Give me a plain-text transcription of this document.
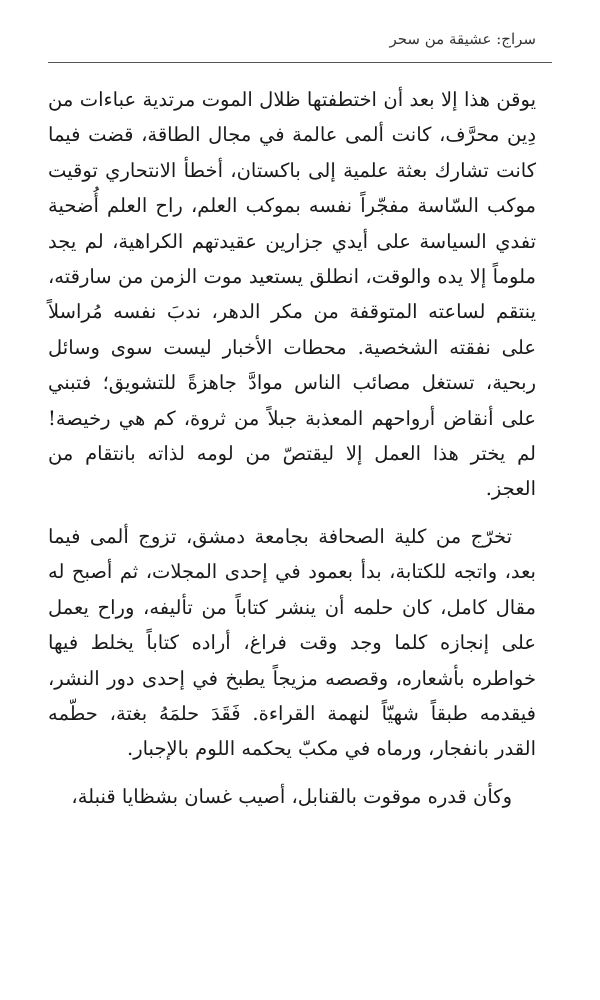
سراج: عشيقة من سحر

يوقن هذا إلا بعد أن اختطفتها ظلال الموت مرتدية عباءات من دِين محرَّف، كانت ألمى عالمة في مجال الطاقة، قضت فيما كانت تشارك بعثة علمية إلى باكستان، أخطأ الانتحاري توقيت موكب السّاسة مفجّراً نفسه بموكب العلم، راح العلم أُضحية تفدي السياسة على أيدي جزارين عقيدتهم الكراهية، لم يجد ملوماً إلا يده والوقت، انطلق يستعيد موت الزمن من سارقته، ينتقم لساعته المتوقفة من مكر الدهر، ندبَ نفسه مُراسلاً على نفقته الشخصية. محطات الأخبار ليست سوى وسائل ربحية، تستغل مصائب الناس موادَّ جاهزةً للتشويق؛ فتبني على أنقاض أرواحهم المعذبة جبلاً من ثروة، كم هي رخيصة! لم يختر هذا العمل إلا ليقتصّ من لومه لذاته بانتقام من العجز.

تخرّج من كلية الصحافة بجامعة دمشق، تزوج ألمى فيما بعد، واتجه للكتابة، بدأ بعمود في إحدى المجلات، ثم أصبح له مقال كامل، كان حلمه أن ينشر كتاباً من تأليفه، وراح يعمل على إنجازه كلما وجد وقت فراغ، أراده كتاباً يخلط فيها خواطره بأشعاره، وقصصه مزيجاً يطبخ في إحدى دور النشر، فيقدمه طبقاً شهيّاً لنهمة القراءة. فَقَدَ حلمَهُ بغتة، حطّمه القدر بانفجار، ورماه في مكبّ يحكمه اللوم بالإجبار.

وكأن قدره موقوت بالقنابل، أصيب غسان بشظايا قنبلة،
